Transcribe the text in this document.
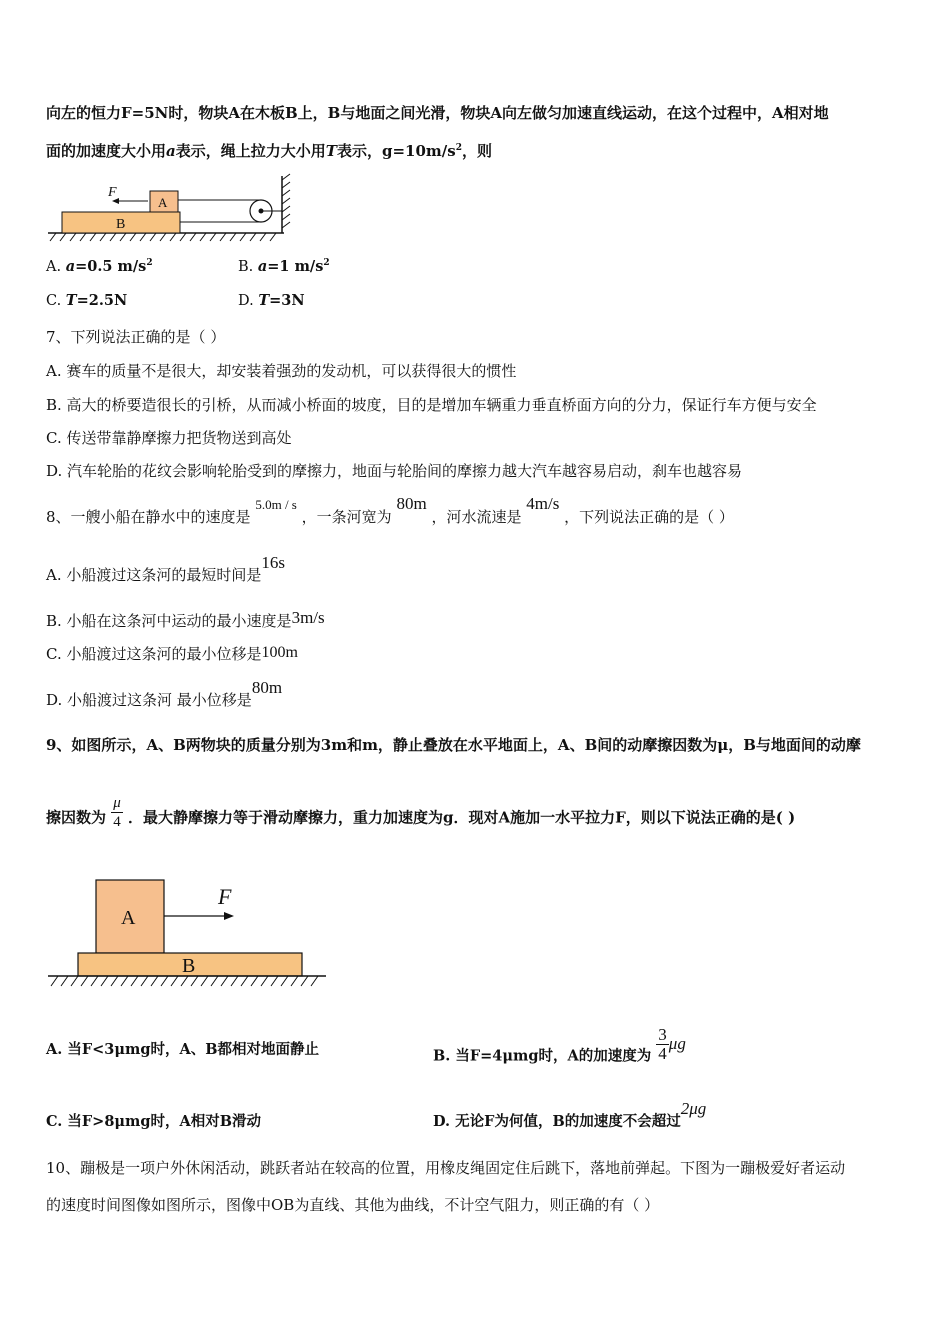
向左的恒力F=5N时，物块A在木板B上，B与地面之间光滑，物块A向左做匀加速直线运动，在这个过程中，A相对地
面的加速度大小用a表示，绳上拉力大小用T表示，$g=10m/s^2$，则
B
A
F
A. a=0.5 $m/s^2$	B. a=1 $m/s^2$
C. T=2.5N	D. T=3N
7、下列说法正确的是（ ）
A. 赛车的质量不是很大，却安装着强劲的发动机，可以获得很大的惯性
B. 高大的桥要造很长的引桥，从而减小桥面的坡度，目的是增加车辆重力垂直桥面方向的分力，保证行车方便与安全
C. 传送带靠静摩擦力把货物送到高处
D. 汽车轮胎的花纹会影响轮胎受到的摩擦力，地面与轮胎间的摩擦力越大汽车越容易启动，刹车也越容易
8、一艘小船在静水中的速度是 5.0m / s ，一条河宽为 80m ，河水流速是 4m/s ，下列说法正确的是（ ）
A. 小船渡过这条河的最短时间是16s
B. 小船在这条河中运动的最小速度是3m/s
C. 小船渡过这条河的最小位移是100m
D. 小船渡过这条河 最小位移是80m
9、如图所示，A、B两物块的质量分别为3m和m，静止叠放在水平地面上，A、B间的动摩擦因数为μ，B与地面间的动摩
擦因数为 $\frac{\mu}{4}$ ．最大静摩擦力等于滑动摩擦力，重力加速度为g．现对A施加一水平拉力F，则以下说法正确的是( )
A
B
F
A. 当F<3μmg时，A、B都相对地面静止	B. 当F=4μmg时，A的加速度为 $\frac{3}{4}$ μg
C. 当F>8μmg时，A相对B滑动	D. 无论F为何值，B的加速度不会超过2μg
10、蹦极是一项户外休闲活动，跳跃者站在较高的位置，用橡皮绳固定住后跳下，落地前弹起。下图为一蹦极爱好者运动
的速度时间图像如图所示，图像中OB为直线、其他为曲线，不计空气阻力，则正确的有（ ）
